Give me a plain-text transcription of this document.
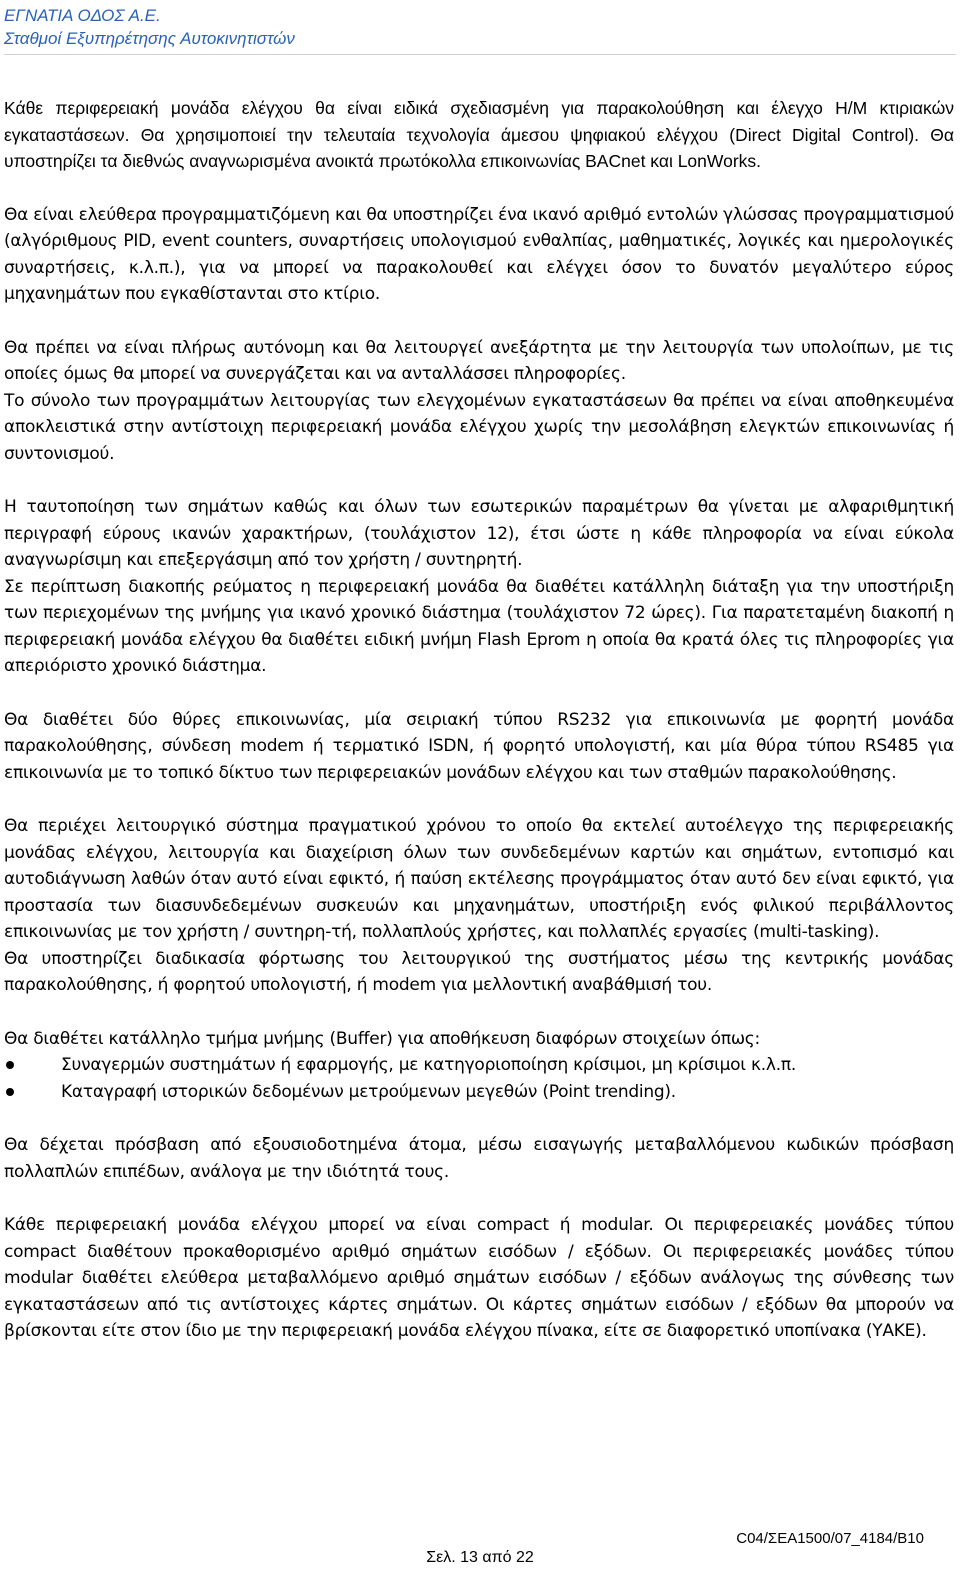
ΕΓΝΑΤΙΑ ΟΔΟΣ Α.Ε.
Σταθμοί Εξυπηρέτησης Αυτοκινητιστών

Κάθε περιφερειακή μονάδα ελέγχου θα είναι ειδικά σχεδιασμένη για παρακολούθηση και έλεγχο Η/Μ κτιριακών εγκαταστάσεων. Θα χρησιμοποιεί την τελευταία τεχνολογία άμεσου ψηφιακού ελέγχου (Direct Digital Control). Θα υποστηρίζει τα διεθνώς αναγνωρισμένα ανοικτά πρωτόκολλα επικοινωνίας BACnet και LonWorks.

Θα είναι ελεύθερα προγραμματιζόμενη και θα υποστηρίζει ένα ικανό αριθμό εντολών γλώσσας προγραμματισμού (αλγόριθμους PID, event counters, συναρτήσεις υπολογισμού ενθαλπίας, μαθηματικές, λογικές και ημερολογικές συναρτήσεις, κ.λ.π.), για να μπορεί να παρακολουθεί και ελέγχει όσον το δυνατόν μεγαλύτερο εύρος μηχανημάτων που εγκαθίστανται στο κτίριο.

Θα πρέπει να είναι πλήρως αυτόνομη και θα λειτουργεί ανεξάρτητα με την λειτουργία των υπολοίπων, με τις οποίες όμως θα μπορεί να συνεργάζεται και να ανταλλάσσει πληροφορίες.

Το σύνολο των προγραμμάτων λειτουργίας των ελεγχομένων εγκαταστάσεων θα πρέπει να είναι αποθηκευμένα αποκλειστικά στην αντίστοιχη περιφερειακή μονάδα ελέγχου χωρίς την μεσολάβηση ελεγκτών επικοινωνίας ή συντονισμού.

Η ταυτοποίηση των σημάτων καθώς και όλων των εσωτερικών παραμέτρων θα γίνεται με αλφαριθμητική περιγραφή εύρους ικανών χαρακτήρων, (τουλάχιστον 12), έτσι ώστε η κάθε πληροφορία να είναι εύκολα αναγνωρίσιμη και επεξεργάσιμη από τον χρήστη / συντηρητή.

Σε περίπτωση διακοπής ρεύματος η περιφερειακή μονάδα θα διαθέτει κατάλληλη διάταξη για την υποστήριξη των περιεχομένων της μνήμης για ικανό χρονικό διάστημα (τουλάχιστον 72 ώρες). Για παρατεταμένη διακοπή η περιφερειακή μονάδα ελέγχου θα διαθέτει ειδική μνήμη Flash Eprom η οποία θα κρατά όλες τις πληροφορίες για απεριόριστο χρονικό διάστημα.

Θα διαθέτει δύο θύρες επικοινωνίας, μία σειριακή τύπου RS232 για επικοινωνία με φορητή μονάδα παρακολούθησης, σύνδεση modem ή τερματικό ISDN, ή φορητό υπολογιστή, και μία θύρα τύπου RS485 για επικοινωνία με το τοπικό δίκτυο των περιφερειακών μονάδων ελέγχου και των σταθμών παρακολούθησης.

Θα περιέχει λειτουργικό σύστημα πραγματικού χρόνου το οποίο θα εκτελεί αυτοέλεγχο της περιφερειακής μονάδας ελέγχου, λειτουργία και διαχείριση όλων των συνδεδεμένων καρτών και σημάτων, εντοπισμό και αυτοδιάγνωση λαθών όταν αυτό είναι εφικτό, ή παύση εκτέλεσης προγράμματος όταν αυτό δεν είναι εφικτό, για προστασία των διασυνδεδεμένων συσκευών και μηχανημάτων, υποστήριξη ενός φιλικού περιβάλλοντος επικοινωνίας με τον χρήστη / συντηρη-τή, πολλαπλούς χρήστες, και πολλαπλές εργασίες (multi-tasking).

Θα υποστηρίζει διαδικασία φόρτωσης του λειτουργικού της συστήματος μέσω της κεντρικής μονάδας παρακολούθησης, ή φορητού υπολογιστή, ή modem για μελλοντική αναβάθμισή του.

Θα διαθέτει κατάλληλο τμήμα μνήμης (Buffer) για αποθήκευση διαφόρων στοιχείων όπως:

Συναγερμών συστημάτων ή εφαρμογής, με κατηγοριοποίηση κρίσιμοι, μη κρίσιμοι κ.λ.π.
Καταγραφή ιστορικών δεδομένων μετρούμενων μεγεθών (Point trending).

Θα δέχεται πρόσβαση από εξουσιοδοτημένα άτομα, μέσω εισαγωγής μεταβαλλόμενου κωδικών πρόσβαση πολλαπλών επιπέδων, ανάλογα με την ιδιότητά τους.

Κάθε περιφερειακή μονάδα ελέγχου μπορεί να είναι compact ή modular. Οι περιφερειακές μονάδες τύπου compact διαθέτουν προκαθορισμένο αριθμό σημάτων εισόδων / εξόδων. Οι περιφερειακές μονάδες τύπου modular διαθέτει ελεύθερα μεταβαλλόμενο αριθμό σημάτων εισόδων / εξόδων ανάλογως της σύνθεσης των εγκαταστάσεων από τις αντίστοιχες κάρτες σημάτων. Οι κάρτες σημάτων εισόδων / εξόδων θα μπορούν να βρίσκονται είτε στον ίδιο με την περιφερειακή μονάδα ελέγχου πίνακα, είτε σε διαφορετικό υποπίνακα (ΥΑΚΕ).

C04/ΣΕΑ1500/07_4184/Β10
Σελ. 13 από 22
